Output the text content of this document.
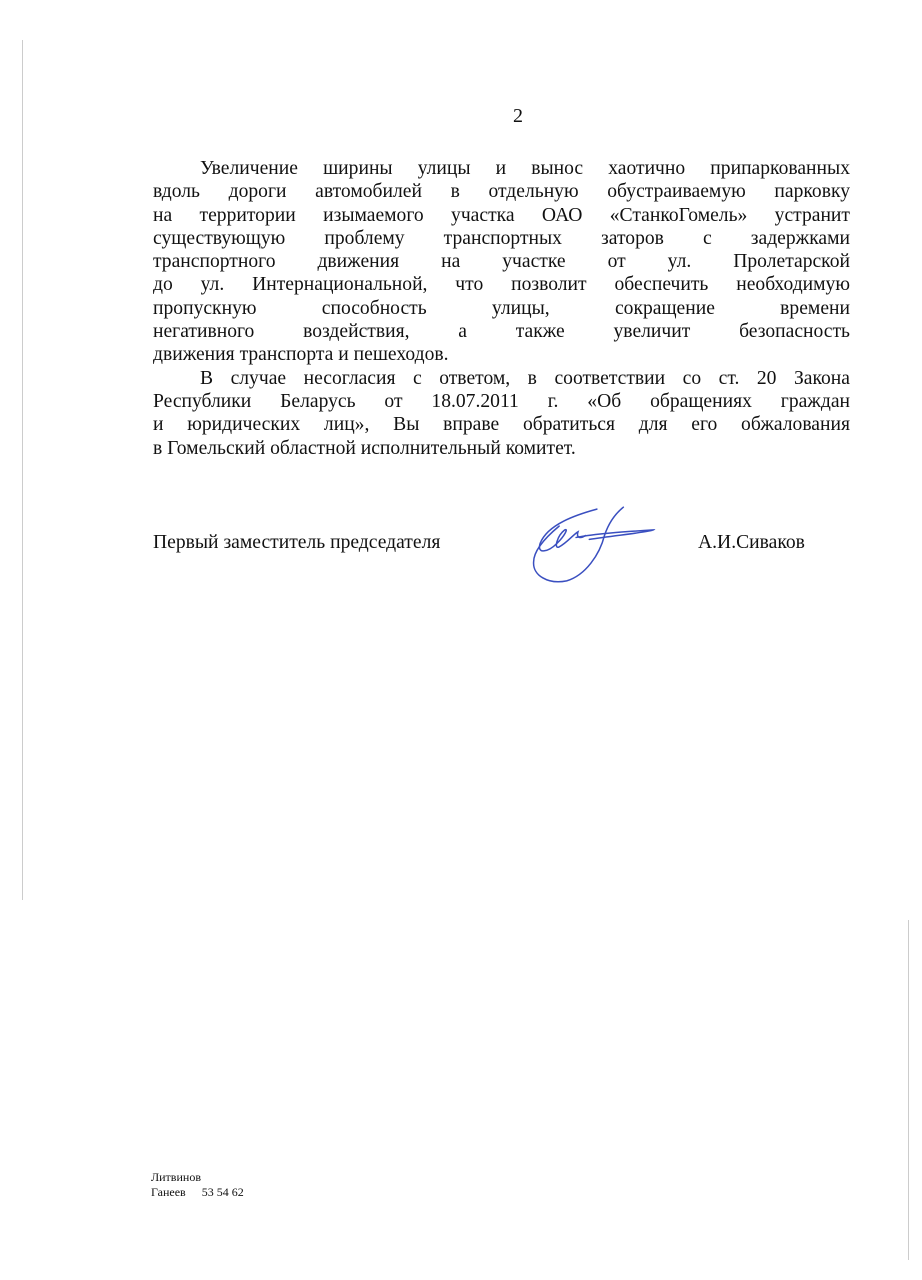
2
Увеличение ширины улицы и вынос хаотично припаркованных
вдоль дороги автомобилей в отдельную обустраиваемую парковку
на территории изымаемого участка ОАО «СтанкоГомель» устранит
существующую проблему транспортных заторов с задержками
транспортного движения на участке от ул. Пролетарской
до ул. Интернациональной, что позволит обеспечить необходимую
пропускную способность улицы, сокращение времени
негативного воздействия, а также увеличит безопасность
движения транспорта и пешеходов.
В случае несогласия с ответом, в соответствии со ст. 20 Закона
Республики Беларусь от 18.07.2011 г. «Об обращениях граждан
и юридических лиц», Вы вправе обратиться для его обжалования
в Гомельский областной исполнительный комитет.
Первый заместитель председателя	А.И.Сиваков
Литвинов
Ганеев 53 54 62
